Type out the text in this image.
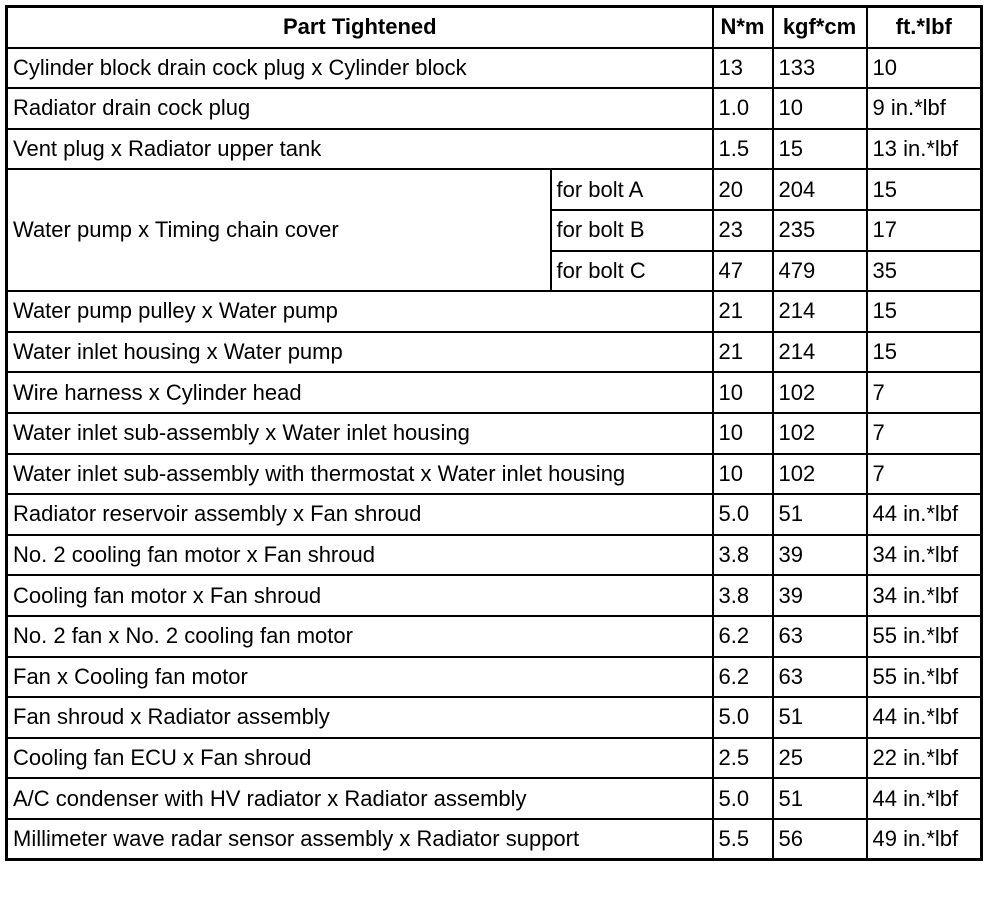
Part Tightened		N*m	kgf*cm	ft.*lbf
Cylinder block drain cock plug x Cylinder block		13	133	10
Radiator drain cock plug		1.0	10	9 in.*lbf
Vent plug x Radiator upper tank		1.5	15	13 in.*lbf
Water pump x Timing chain cover	for bolt A	20	204	15
	for bolt B	23	235	17
	for bolt C	47	479	35
Water pump pulley x Water pump		21	214	15
Water inlet housing x Water pump		21	214	15
Wire harness x Cylinder head		10	102	7
Water inlet sub-assembly x Water inlet housing		10	102	7
Water inlet sub-assembly with thermostat x Water inlet housing		10	102	7
Radiator reservoir assembly x Fan shroud		5.0	51	44 in.*lbf
No. 2 cooling fan motor x Fan shroud		3.8	39	34 in.*lbf
Cooling fan motor x Fan shroud		3.8	39	34 in.*lbf
No. 2 fan x No. 2 cooling fan motor		6.2	63	55 in.*lbf
Fan x Cooling fan motor		6.2	63	55 in.*lbf
Fan shroud x Radiator assembly		5.0	51	44 in.*lbf
Cooling fan ECU x Fan shroud		2.5	25	22 in.*lbf
A/C condenser with HV radiator x Radiator assembly		5.0	51	44 in.*lbf
Millimeter wave radar sensor assembly x Radiator support		5.5	56	49 in.*lbf
